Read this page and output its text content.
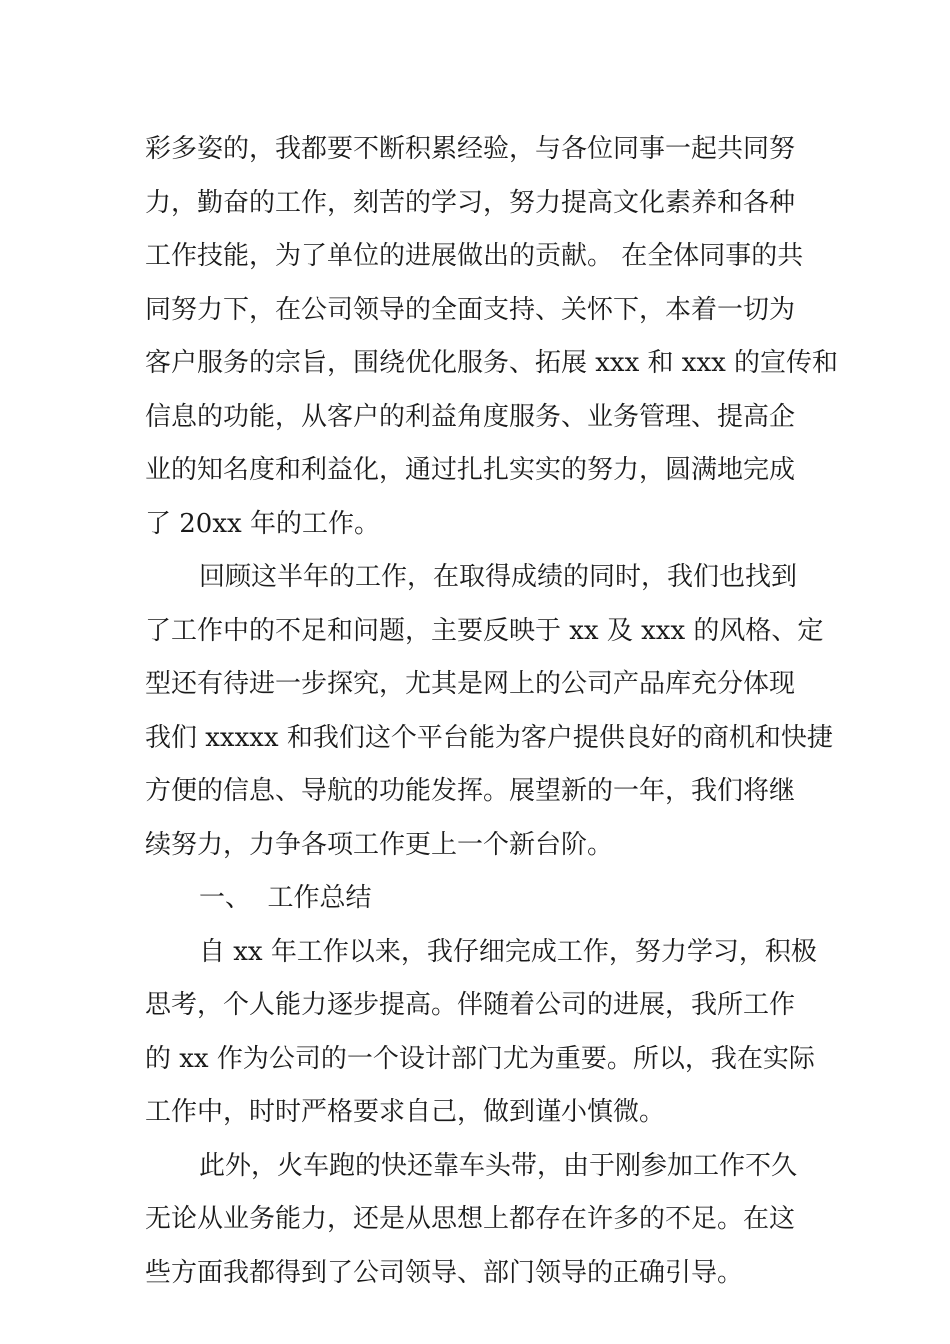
彩多姿的，我都要不断积累经验，与各位同事一起共同努
力，勤奋的工作，刻苦的学习，努力提高文化素养和各种
工作技能，为了单位的进展做出的贡献。 在全体同事的共
同努力下，在公司领导的全面支持、关怀下，本着一切为
客户服务的宗旨，围绕优化服务、拓展 xxx 和 xxx 的宣传和
信息的功能，从客户的利益角度服务、业务管理、提高企
业的知名度和利益化，通过扎扎实实的努力，圆满地完成
了 20xx 年的工作。
回顾这半年的工作，在取得成绩的同时，我们也找到
了工作中的不足和问题，主要反映于 xx 及 xxx 的风格、定
型还有待进一步探究，尤其是网上的公司产品库充分体现
我们 xxxxx 和我们这个平台能为客户提供良好的商机和快捷
方便的信息、导航的功能发挥。展望新的一年，我们将继
续努力，力争各项工作更上一个新台阶。
一、  工作总结
自 xx 年工作以来，我仔细完成工作，努力学习，积极
思考，个人能力逐步提高。伴随着公司的进展，我所工作
的 xx 作为公司的一个设计部门尤为重要。所以，我在实际
工作中，时时严格要求自己，做到谨小慎微。
此外，火车跑的快还靠车头带，由于刚参加工作不久
无论从业务能力，还是从思想上都存在许多的不足。在这
些方面我都得到了公司领导、部门领导的正确引导。
